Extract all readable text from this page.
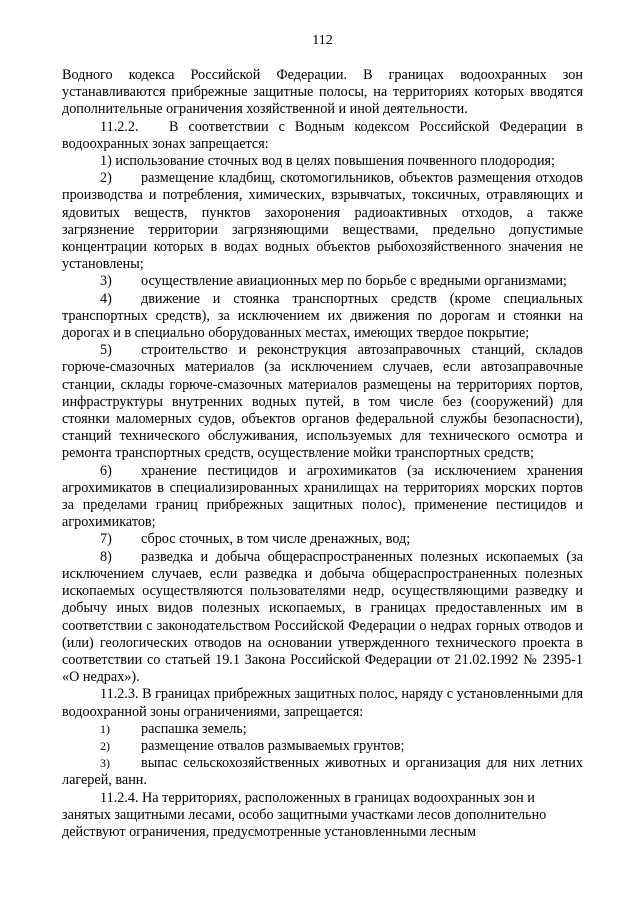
112

Водного кодекса Российской Федерации. В границах водоохранных зон устанавливаются прибрежные защитные полосы, на территориях которых вводятся дополнительные ограничения хозяйственной и иной деятельности.

11.2.2. В соответствии с Водным кодексом Российской Федерации в водоохранных зонах запрещается:

1) использование сточных вод в целях повышения почвенного плодородия;

2) размещение кладбищ, скотомогильников, объектов размещения отходов производства и потребления, химических, взрывчатых, токсичных, отравляющих и ядовитых веществ, пунктов захоронения радиоактивных отходов, а также загрязнение территории загрязняющими веществами, предельно допустимые концентрации которых в водах водных объектов рыбохозяйственного значения не установлены;

3) осуществление авиационных мер по борьбе с вредными организмами;

4) движение и стоянка транспортных средств (кроме специальных транспортных средств), за исключением их движения по дорогам и стоянки на дорогах и в специально оборудованных местах, имеющих твердое покрытие;

5) строительство и реконструкция автозаправочных станций, складов горюче-смазочных материалов (за исключением случаев, если автозаправочные станции, склады горюче-смазочных материалов размещены на территориях портов, инфраструктуры внутренних водных путей, в том числе без (сооружений) для стоянки маломерных судов, объектов органов федеральной службы безопасности), станций технического обслуживания, используемых для технического осмотра и ремонта транспортных средств, осуществление мойки транспортных средств;

6) хранение пестицидов и агрохимикатов (за исключением хранения агрохимикатов в специализированных хранилищах на территориях морских портов за пределами границ прибрежных защитных полос), применение пестицидов и агрохимикатов;

7) сброс сточных, в том числе дренажных, вод;

8) разведка и добыча общераспространенных полезных ископаемых (за исключением случаев, если разведка и добыча общераспространенных полезных ископаемых осуществляются пользователями недр, осуществляющими разведку и добычу иных видов полезных ископаемых, в границах предоставленных им в соответствии с законодательством Российской Федерации о недрах горных отводов и (или) геологических отводов на основании утвержденного технического проекта в соответствии со статьей 19.1 Закона Российской Федерации от 21.02.1992 № 2395-1 «О недрах»).

11.2.3. В границах прибрежных защитных полос, наряду с установленными для водоохранной зоны ограничениями, запрещается:

1) распашка земель;

2) размещение отвалов размываемых грунтов;

3) выпас сельскохозяйственных животных и организация для них летних лагерей, ванн.

11.2.4. На территориях, расположенных в границах водоохранных зон и занятых защитными лесами, особо защитными участками лесов дополнительно действуют ограничения, предусмотренные установленными лесным
